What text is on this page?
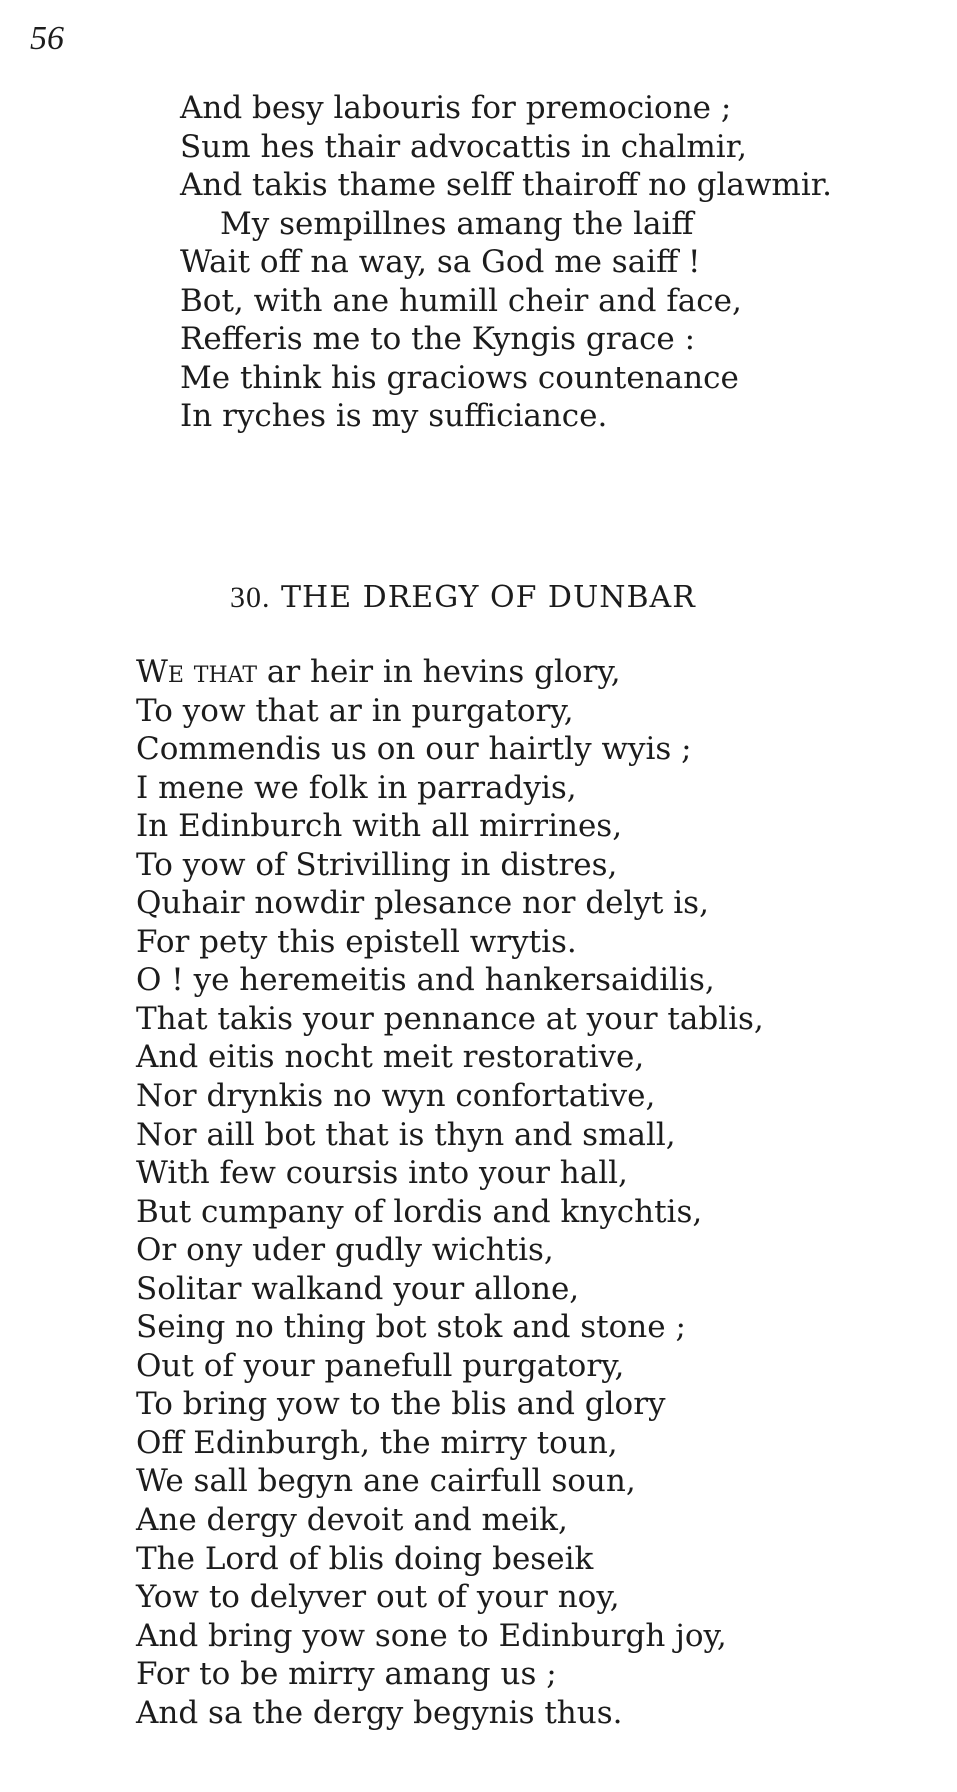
56
And besy labouris for premocione ;
Sum hes thair advocattis in chalmir,
And takis thame selff thairoff no glawmir.
My sempillnes amang the laiff
Wait off na way, sa God me saiff !
Bot, with ane humill cheir and face,
Refferis me to the Kyngis grace :
Me think his graciows countenance
In ryches is my sufficiance.
30. THE DREGY OF DUNBAR
We that ar heir in hevins glory,
To yow that ar in purgatory,
Commendis us on our hairtly wyis ;
I mene we folk in parradyis,
In Edinburch with all mirrines,
To yow of Strivilling in distres,
Quhair nowdir plesance nor delyt is,
For pety this epistell wrytis.
O ! ye heremeitis and hankersaidilis,
That takis your pennance at your tablis,
And eitis nocht meit restorative,
Nor drynkis no wyn confortative,
Nor aill bot that is thyn and small,
With few coursis into your hall,
But cumpany of lordis and knychtis,
Or ony uder gudly wichtis,
Solitar walkand your allone,
Seing no thing bot stok and stone ;
Out of your panefull purgatory,
To bring yow to the blis and glory
Off Edinburgh, the mirry toun,
We sall begyn ane cairfull soun,
Ane dergy devoit and meik,
The Lord of blis doing beseik
Yow to delyver out of your noy,
And bring yow sone to Edinburgh joy,
For to be mirry amang us ;
And sa the dergy begynis thus.
